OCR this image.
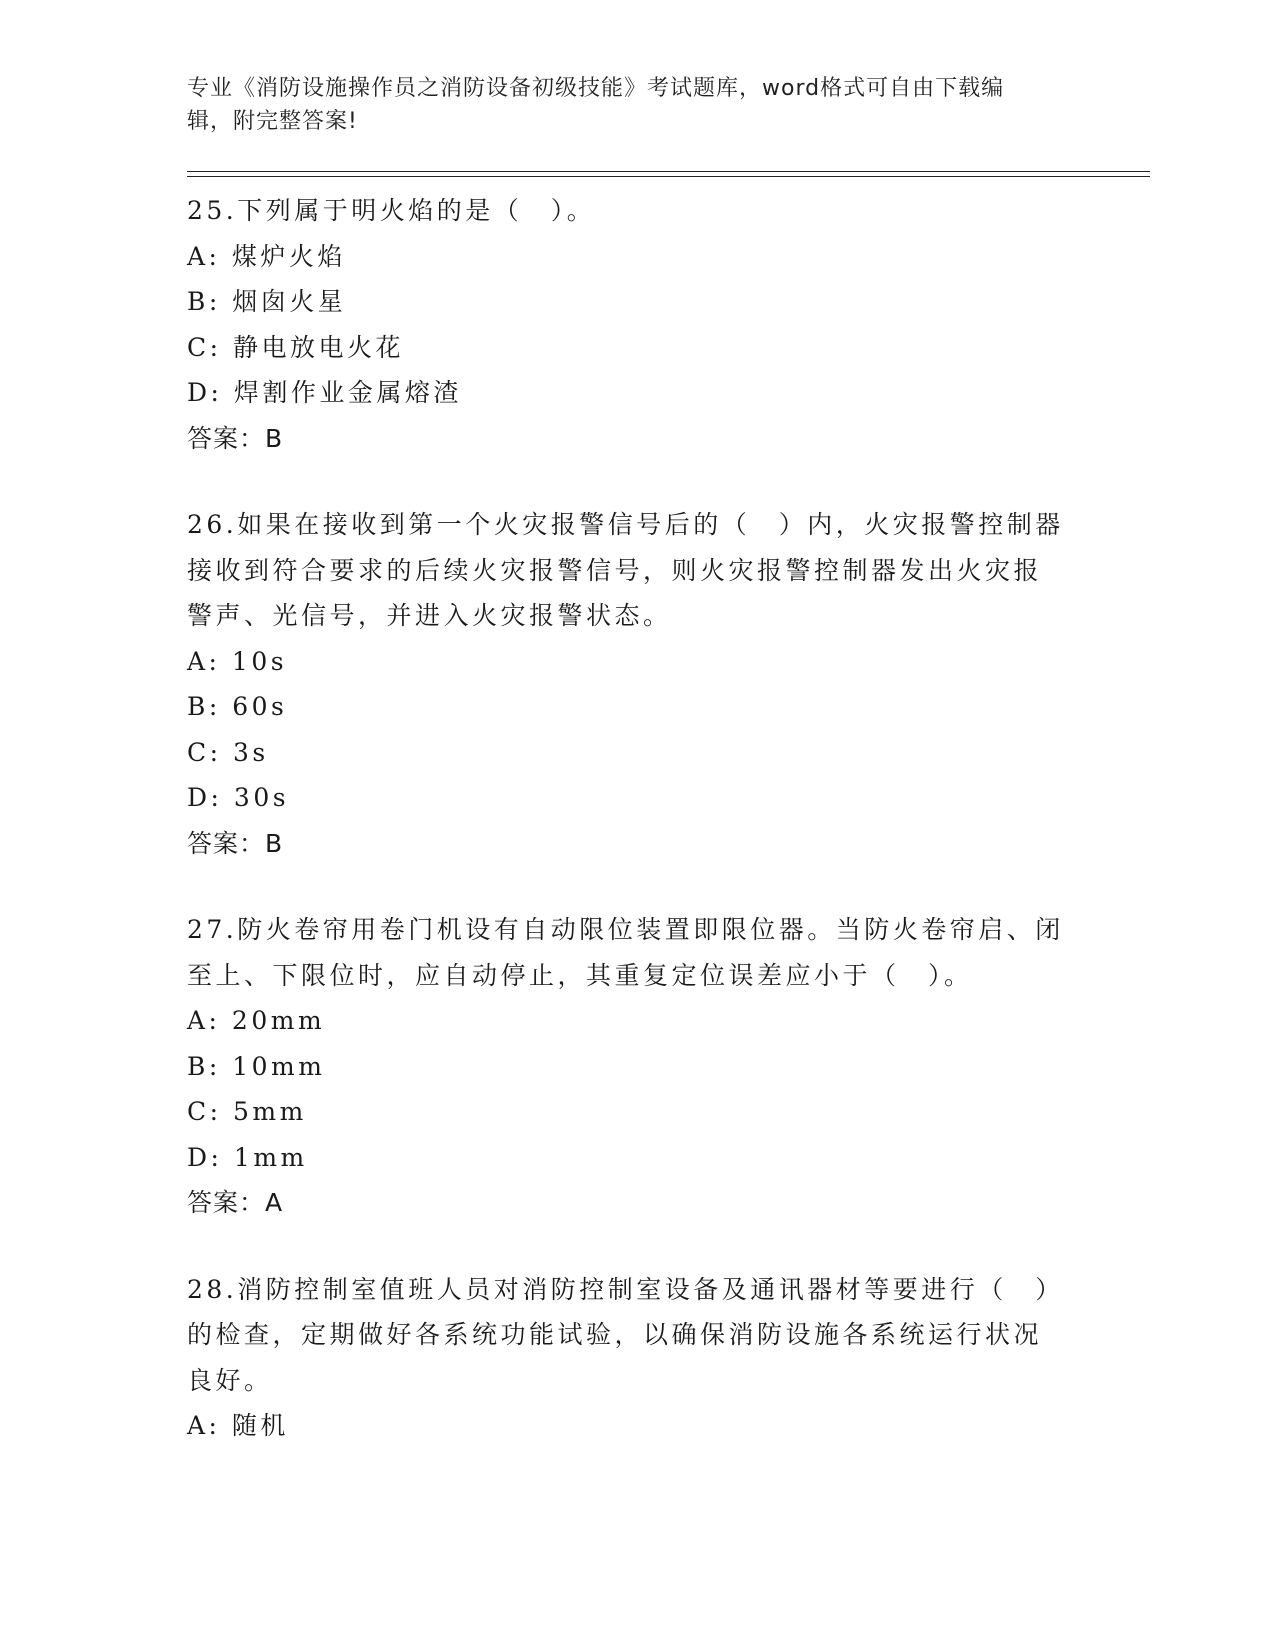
专业《消防设施操作员之消防设备初级技能》考试题库，word格式可自由下载编
辑，附完整答案!
25.下列属于明火焰的是（　）。
A: 煤炉火焰
B: 烟囱火星
C: 静电放电火花
D: 焊割作业金属熔渣
答案：B
26.如果在接收到第一个火灾报警信号后的（　）内，火灾报警控制器
接收到符合要求的后续火灾报警信号，则火灾报警控制器发出火灾报
警声、光信号，并进入火灾报警状态。
A: 10s
B: 60s
C: 3s
D: 30s
答案：B
27.防火卷帘用卷门机设有自动限位装置即限位器。当防火卷帘启、闭
至上、下限位时，应自动停止，其重复定位误差应小于（　）。
A: 20mm
B: 10mm
C: 5mm
D: 1mm
答案：A
28.消防控制室值班人员对消防控制室设备及通讯器材等要进行（　）
的检查，定期做好各系统功能试验，以确保消防设施各系统运行状况
良好。
A: 随机
